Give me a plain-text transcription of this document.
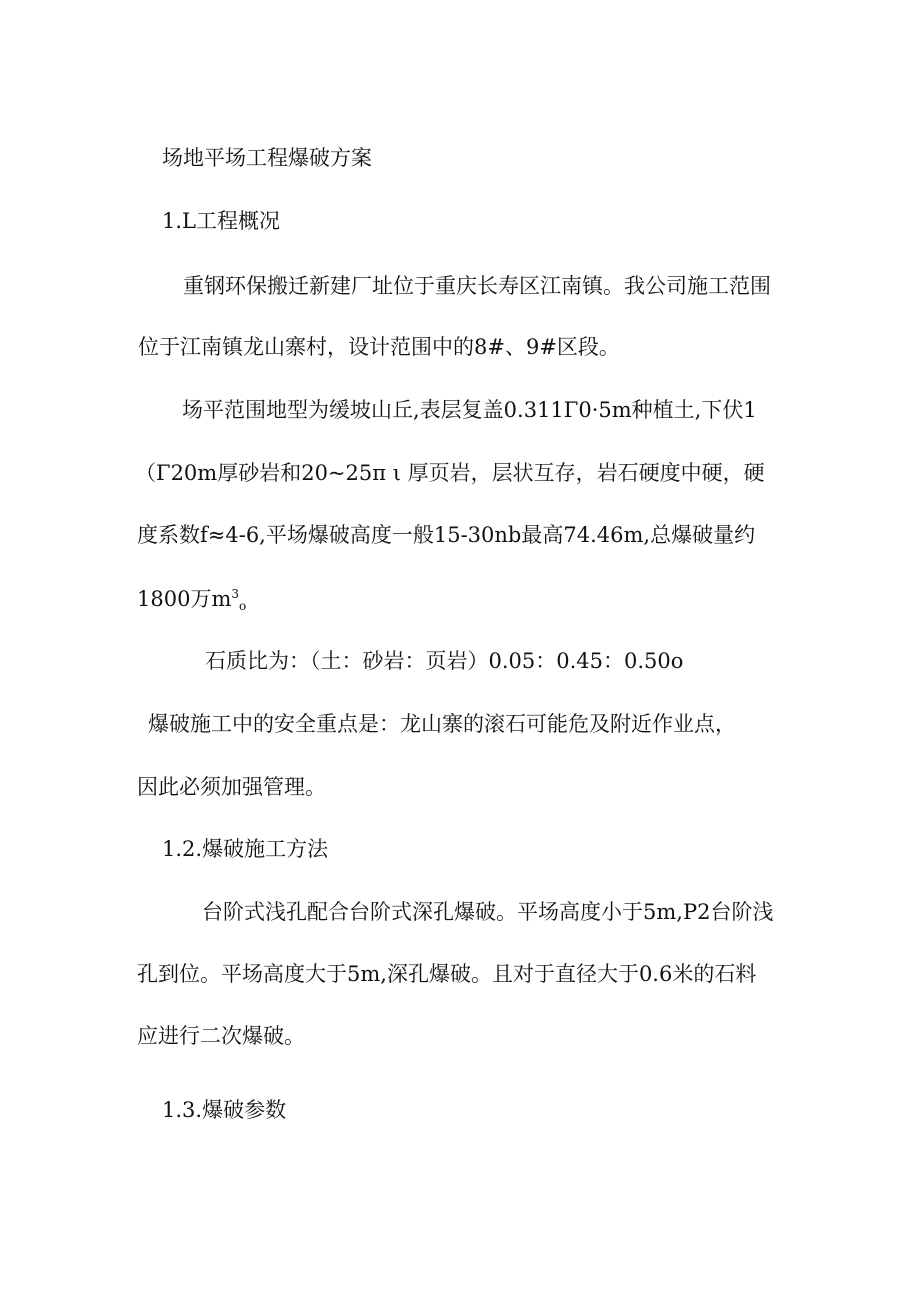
场地平场工程爆破方案

1.L工程概况

重钢环保搬迁新建厂址位于重庆长寿区江南镇。我公司施工范围

位于江南镇龙山寨村，设计范围中的8#、9#区段。

场平范围地型为缓坡山丘,表层复盖0.311Γ0·5m种植土,下伏1

（Γ20m厚砂岩和20~25π ι 厚页岩，层状互存，岩石硬度中硬，硬

度系数f≈4-6,平场爆破高度一般15-30nb最高74.46m,总爆破量约

1800万$m^3_o$

石质比为：（土：砂岩：页岩）0.05：0.45：0.50o

爆破施工中的安全重点是：龙山寨的滚石可能危及附近作业点，

因此必须加强管理。

1.2.爆破施工方法

台阶式浅孔配合台阶式深孔爆破。平场高度小于5m,P2台阶浅

孔到位。平场高度大于5m,深孔爆破。且对于直径大于0.6米的石料

应进行二次爆破。

1.3.爆破参数
